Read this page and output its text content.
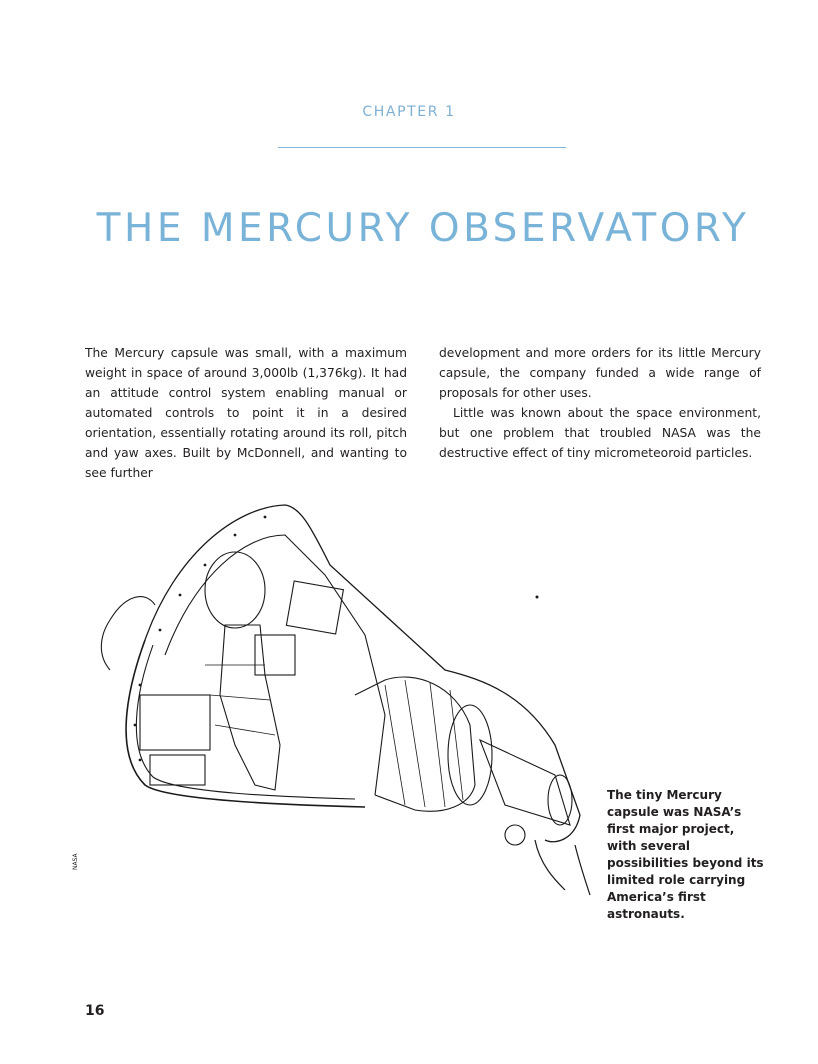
CHAPTER 1
THE MERCURY OBSERVATORY

The Mercury capsule was small, with a maximum weight in space of around 3,000lb (1,376kg). It had an attitude control system enabling manual or automated controls to point it in a desired orientation, essentially rotating around its roll, pitch and yaw axes. Built by McDonnell, and wanting to see further

development and more orders for its little Mercury capsule, the company funded a wide range of proposals for other uses.

Little was known about the space environment, but one problem that troubled NASA was the destructive effect of tiny micrometeoroid particles.

The tiny Mercury capsule was NASA’s first major project, with several possibilities beyond its limited role carrying America’s first astronauts.
NASA
16
